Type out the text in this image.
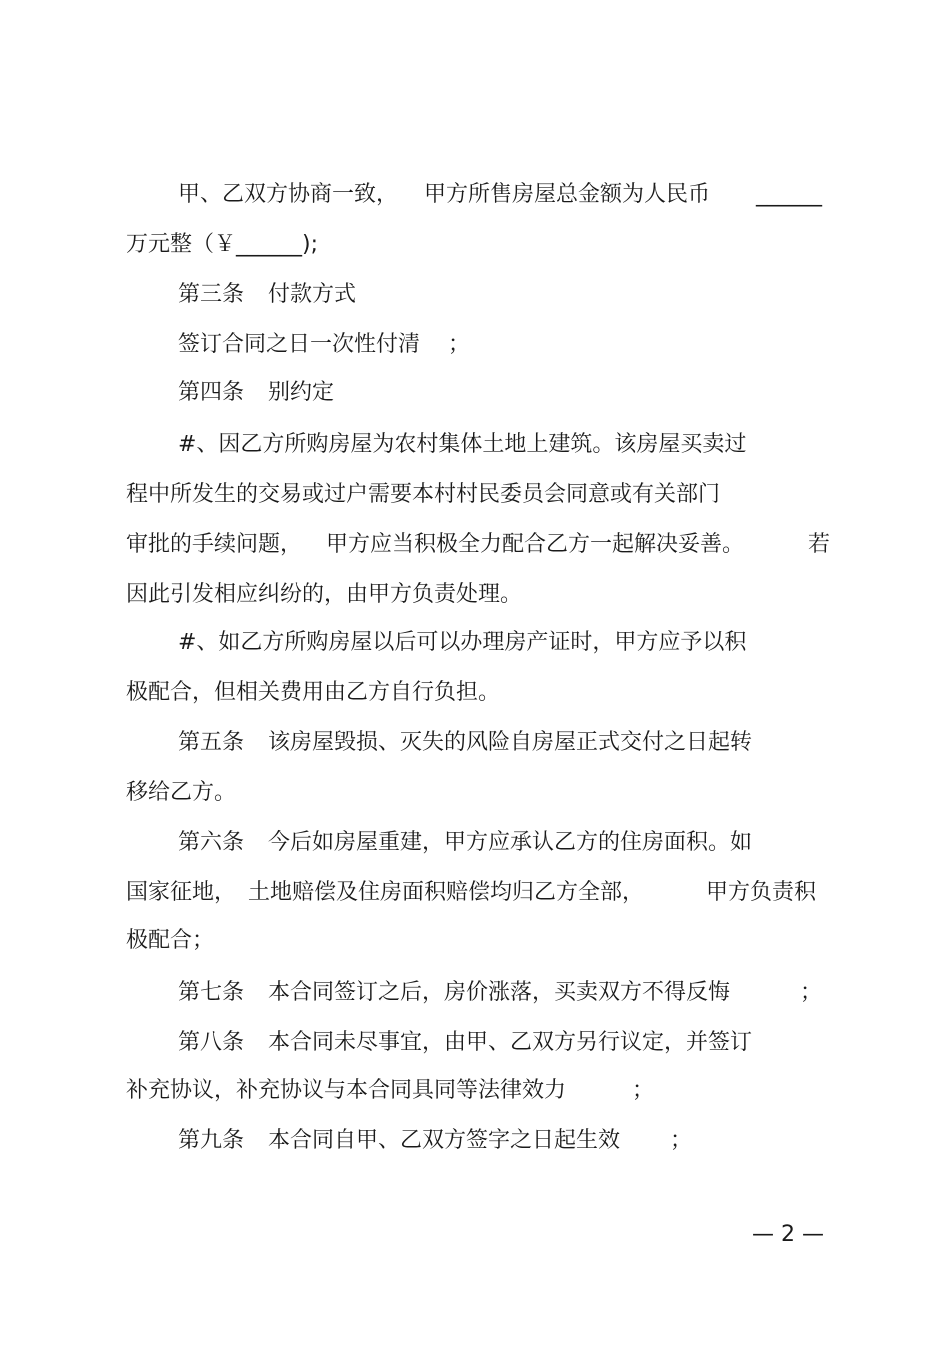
甲、乙双方协商一致，

甲方所售房屋总金额为人民币

______

万元整（￥______);

第三条

付款方式

签订合同之日一次性付清

；

第四条

别约定

#、因乙方所购房屋为农村集体土地上建筑。该房屋买卖过

程中所发生的交易或过户需要本村村民委员会同意或有关部门

审批的手续问题，

甲方应当积极全力配合乙方一起解决妥善。

	若

因此引发相应纠纷的，由甲方负责处理。

#、如乙方所购房屋以后可以办理房产证时，甲方应予以积

极配合，但相关费用由乙方自行负担。

第五条

该房屋毁损、灭失的风险自房屋正式交付之日起转

移给乙方。

第六条

今后如房屋重建，甲方应承认乙方的住房面积。如

国家征地，

土地赔偿及住房面积赔偿均归乙方全部，

	甲方负责积

极配合；

第七条

本合同签订之后，房价涨落，买卖双方不得反悔

	；

第八条

本合同未尽事宜，由甲、乙双方另行议定，并签订

补充协议，补充协议与本合同具同等法律效力

	；

第九条

本合同自甲、乙双方签字之日起生效

；

— 2 —
